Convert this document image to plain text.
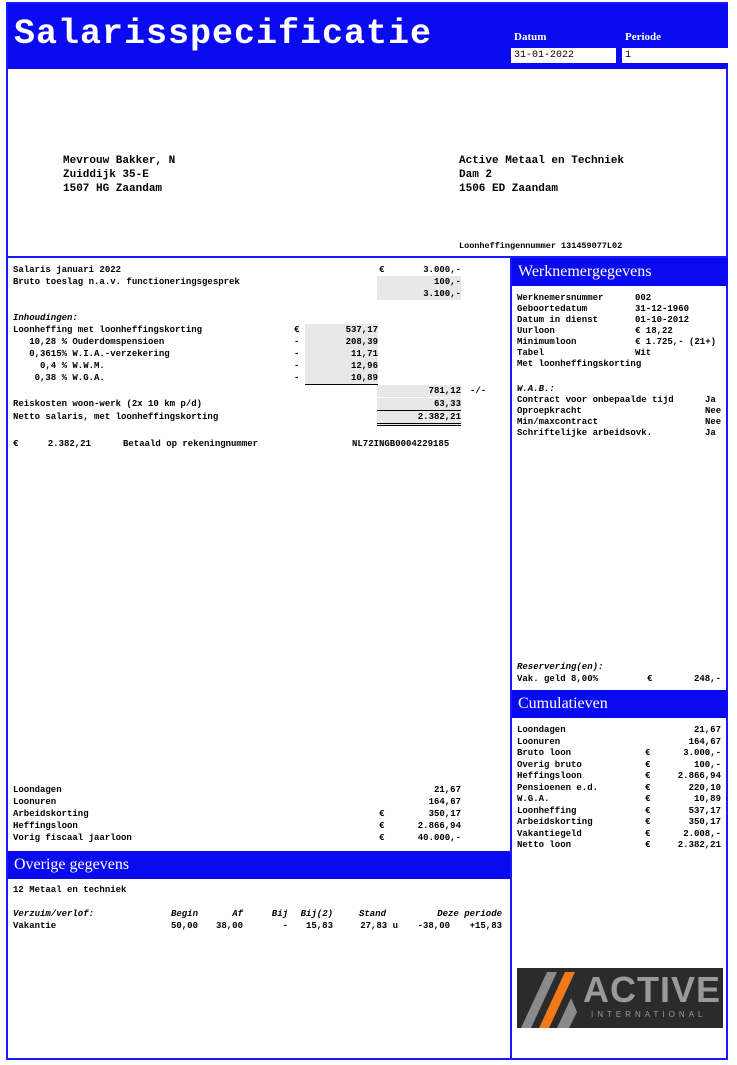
Salarisspecificatie	Datum	Periode
31-01-2022	1
Mevrouw Bakker, N
Zuiddijk 35-E
1507 HG Zaandam
Active Metaal en Techniek
Dam 2
1506 ED Zaandam
Loonheffingennummer 131459077L02
Salaris januari 2022	€	3.000,-
Bruto toeslag n.a.v. functioneringsgesprek	100,-
3.100,-
Inhoudingen:
Loonheffing met loonheffingskorting	€	537,17
10,28 % Ouderdomspensioen	-	208,39
0,3615% W.I.A.-verzekering	-	11,71
0,4 % W.W.M.	-	12,96
0,38 % W.G.A.	-	10,89
781,12 -/-
Reiskosten woon-werk (2x 10 km p/d)	63,33
Netto salaris, met loonheffingskorting	2.382,21
€	2.382,21	Betaald op rekeningnummer	NL72INGB0004229185
Loondagen	21,67
Loonuren	164,67
Arbeidskorting	€	350,17
Heffingsloon	€	2.866,94
Vorig fiscaal jaarloon	€	40.000,-
Overige gegevens
12 Metaal en techniek
Verzuim/verlof:	Begin	Af	Bij	Bij(2)	Stand	Deze periode
Vakantie	50,00	38,00	-	15,83	27,83 u	-38,00	+15,83
Werknemergegevens
Werknemersnummer	002
Geboortedatum	31-12-1960
Datum in dienst	01-10-2012
Uurloon	€ 18,22
Minimumloon	€ 1.725,- (21+)
Tabel	Wit
Met loonheffingskorting
W.A.B.:
Contract voor onbepaalde tijd	Ja
Oproepkracht	Nee
Min/maxcontract	Nee
Schriftelijke arbeidsovk.	Ja
Reservering(en):
Vak. geld 8,00%	€	248,-
Cumulatieven
Loondagen	21,67
Loonuren	164,67
Bruto loon	€	3.000,-
Overig bruto	€	100,-
Heffingsloon	€	2.866,94
Pensioenen e.d.	€	220,10
W.G.A.	€	10,89
Loonheffing	€	537,17
Arbeidskorting	€	350,17
Vakantiegeld	€	2.008,-
Netto loon	€	2.382,21
ACTIVE
INTERNATIONAL
